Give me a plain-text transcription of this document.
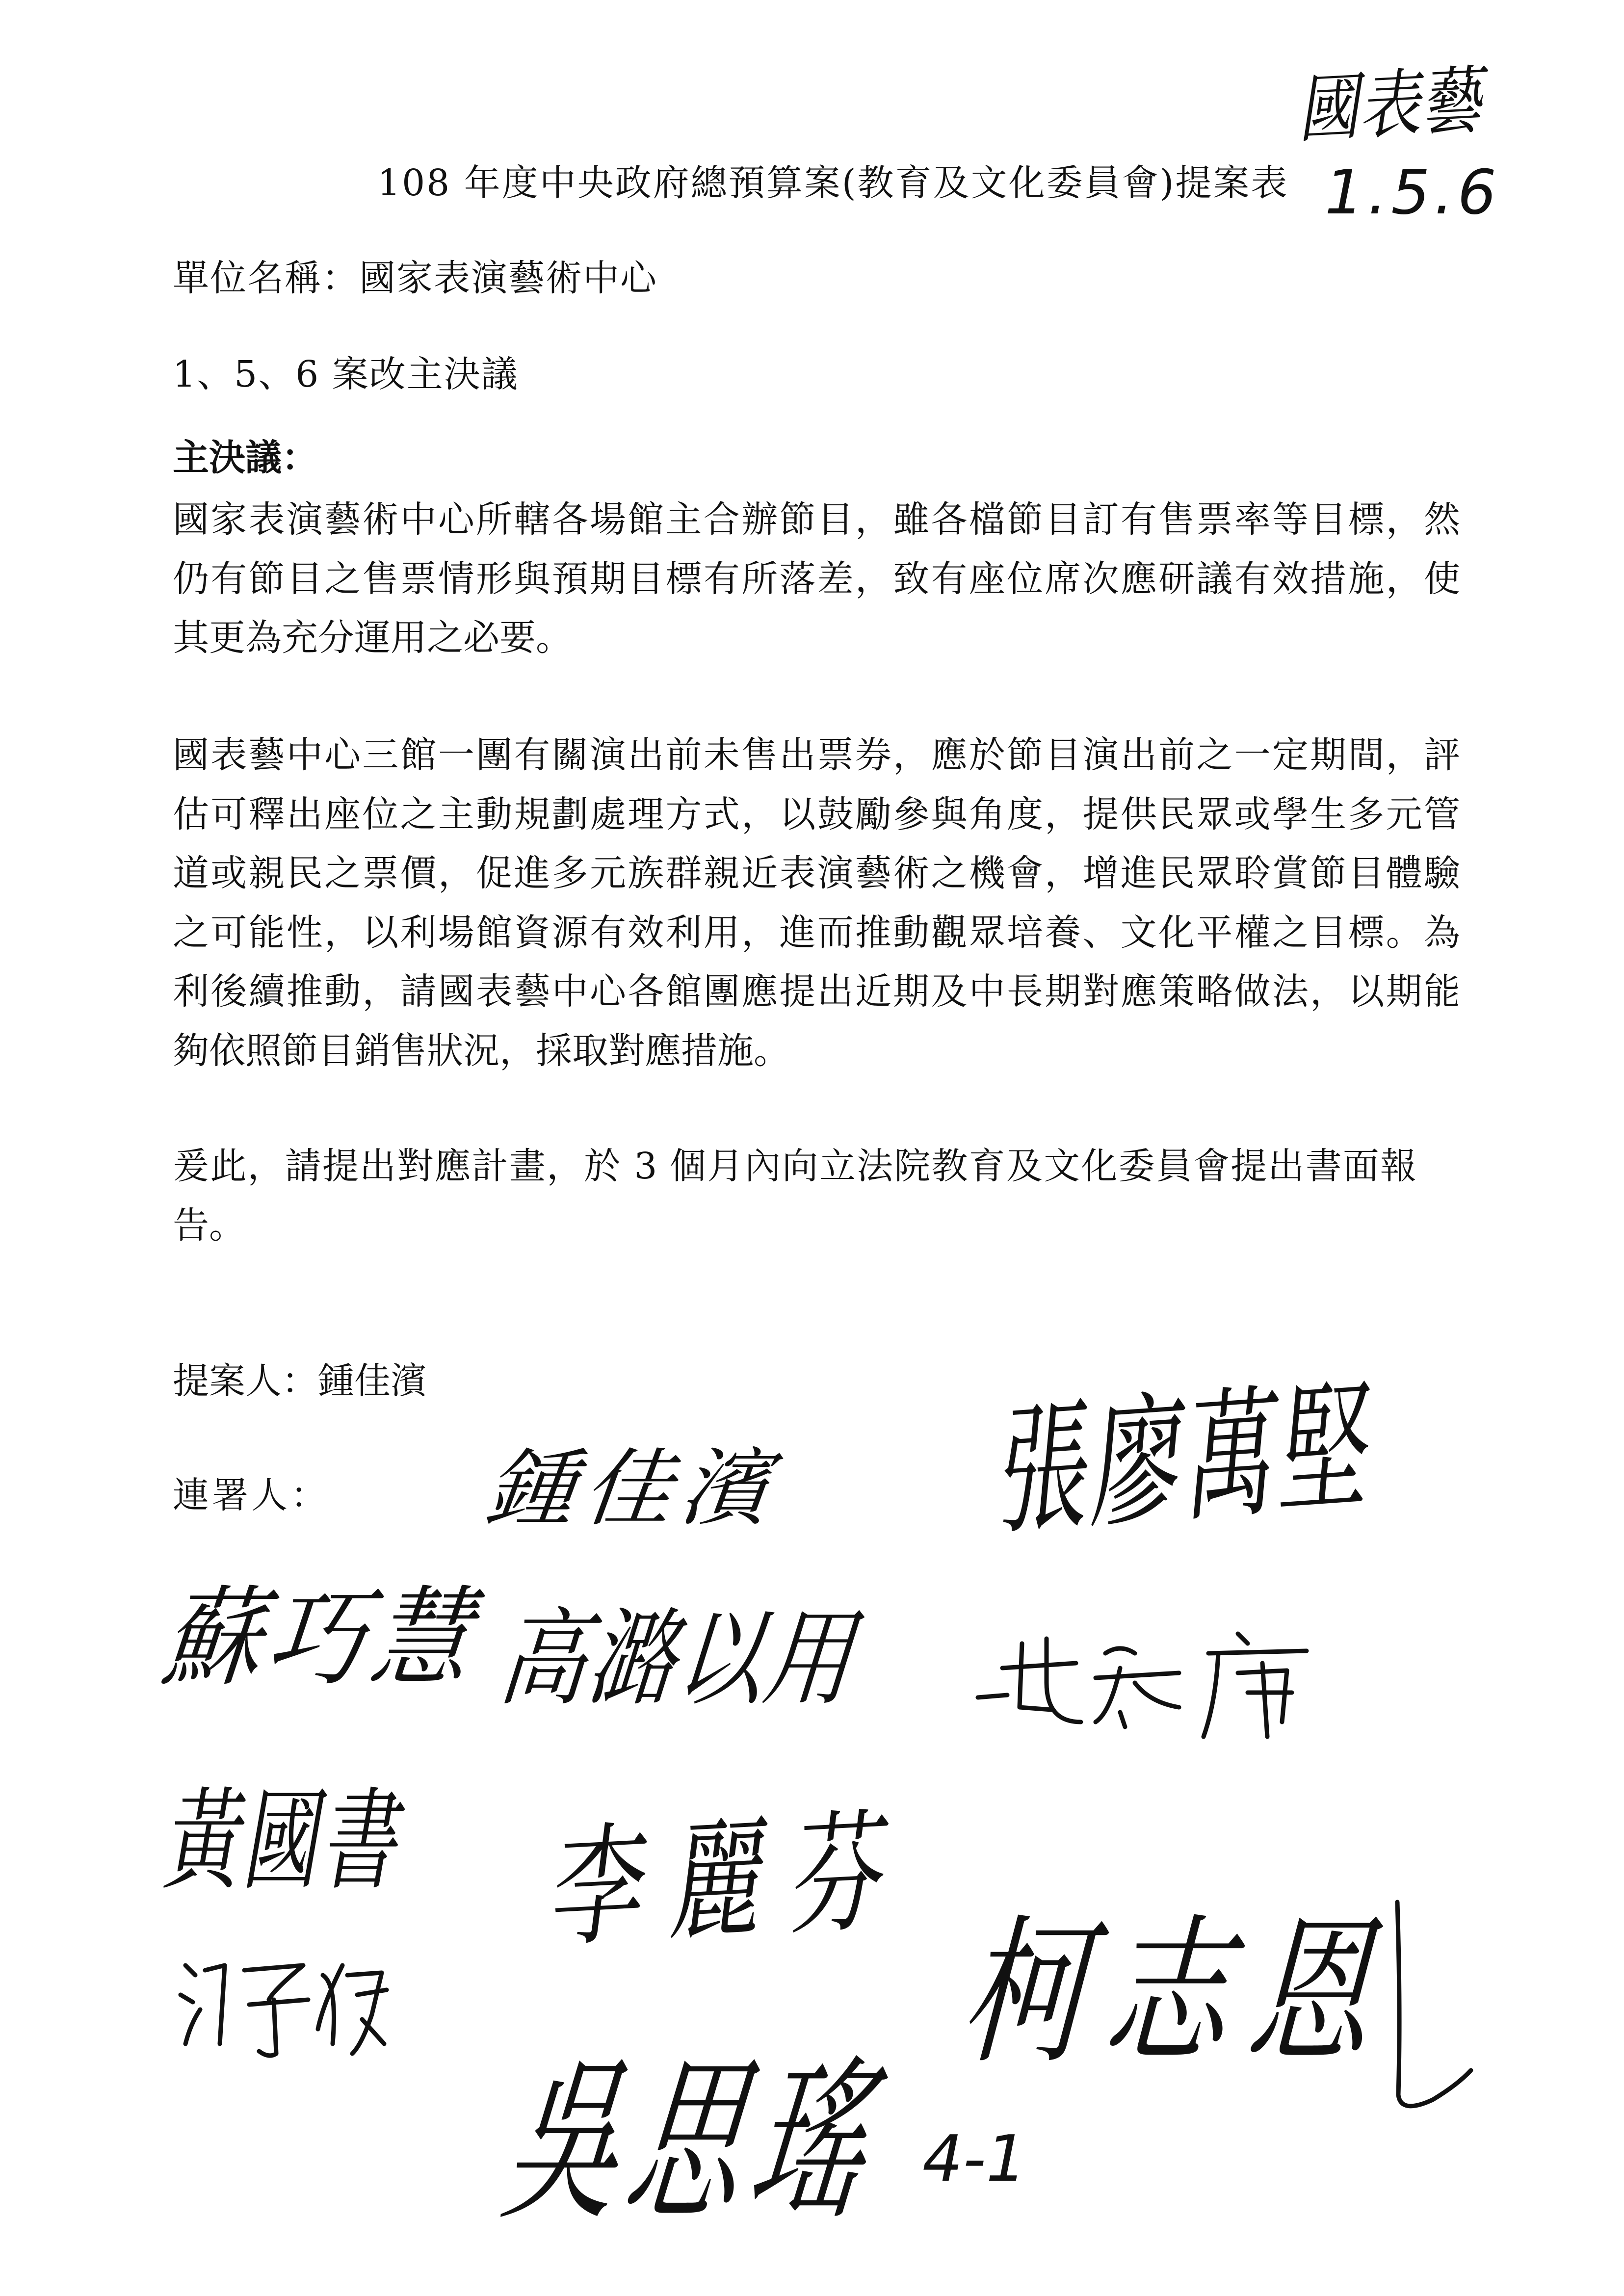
國表藝
1.5.6
108 年度中央政府總預算案(教育及文化委員會)提案表
單位名稱：國家表演藝術中心
1、5、6 案改主決議
主決議：
國家表演藝術中心所轄各場館主合辦節目，雖各檔節目訂有售票率等目標，然
仍有節目之售票情形與預期目標有所落差，致有座位席次應研議有效措施，使
其更為充分運用之必要。
國表藝中心三館一團有關演出前未售出票券，應於節目演出前之一定期間，評
估可釋出座位之主動規劃處理方式，以鼓勵參與角度，提供民眾或學生多元管
道或親民之票價，促進多元族群親近表演藝術之機會，增進民眾聆賞節目體驗
之可能性，以利場館資源有效利用，進而推動觀眾培養、文化平權之目標。為
利後續推動，請國表藝中心各館團應提出近期及中長期對應策略做法，以期能
夠依照節目銷售狀況，採取對應措施。
爰此，請提出對應計畫，於 3 個月內向立法院教育及文化委員會提出書面報
告。
提案人：鍾佳濱
連署人： 鍾佳濱 張廖萬堅
蘇巧慧 高潞以用
黃國書 李麗芬
柯志恩
吳思瑤 4-1
